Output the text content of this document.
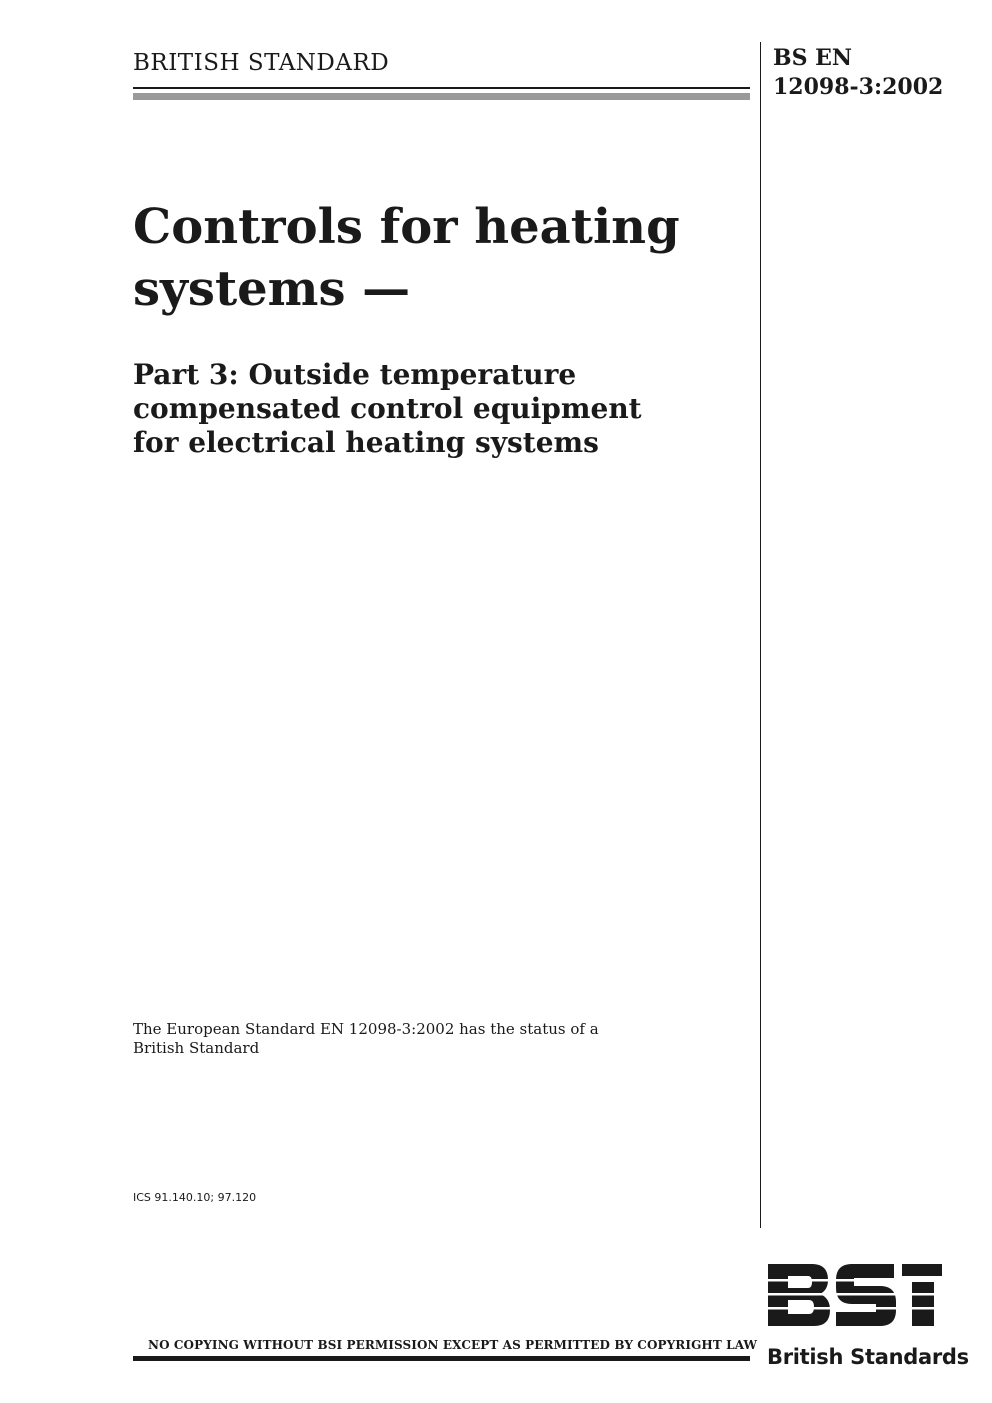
BRITISH STANDARD	BS EN
12098-3:2002
Controls for heating
systems —
Part 3: Outside temperature
compensated control equipment
for electrical heating systems
The European Standard EN 12098-3:2002 has the status of a
British Standard
ICS 91.140.10; 97.120
British Standards
NO COPYING WITHOUT BSI PERMISSION EXCEPT AS PERMITTED BY COPYRIGHT LAW
